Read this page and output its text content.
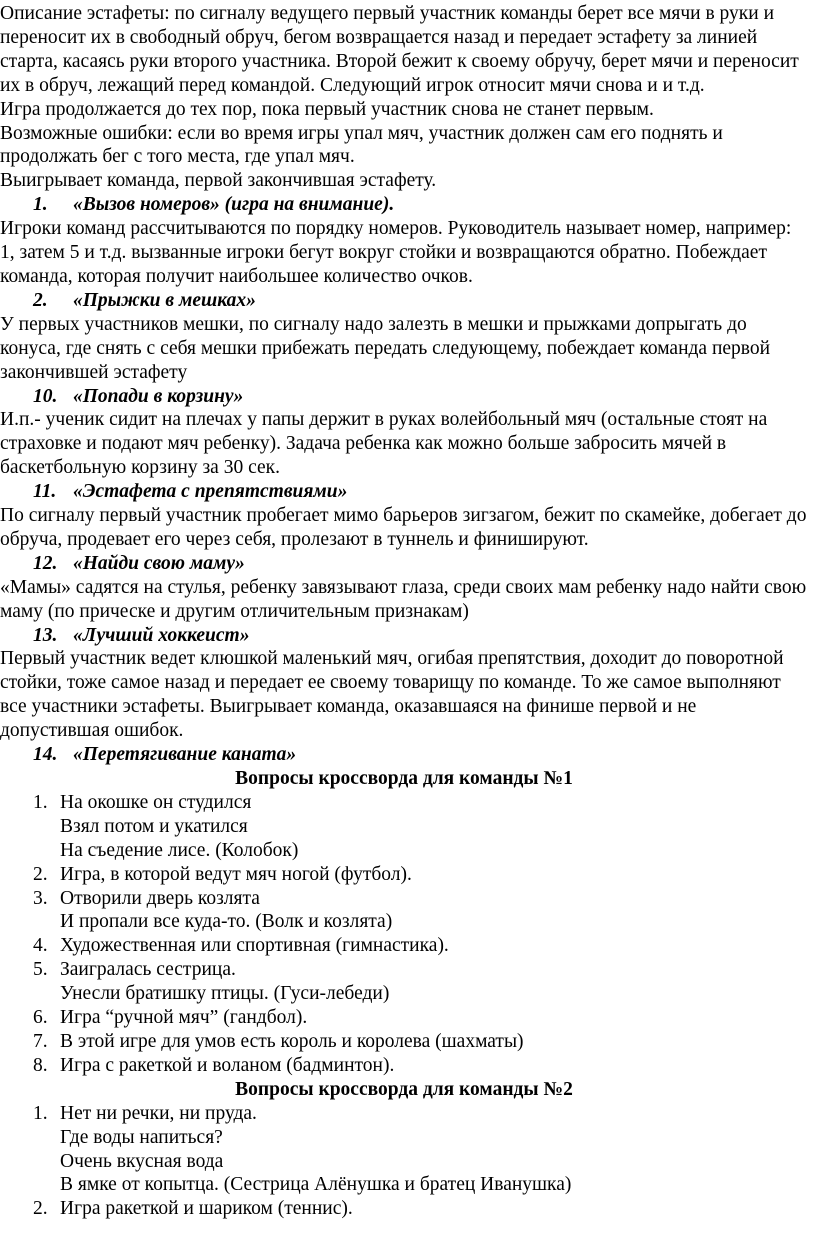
Описание эстафеты: по сигналу ведущего первый участник команды берет все мячи в руки и переносит их в свободный обруч, бегом возвращается назад и передает эстафету за линией старта, касаясь руки второго участника. Второй бежит к своему обручу, берет мячи и переносит их в обруч, лежащий перед командой. Следующий игрок относит мячи снова и и т.д.

Игра продолжается до тех пор, пока первый участник снова не станет первым.

Возможные ошибки: если во время игры упал мяч, участник должен сам его поднять и продолжать бег с того места, где упал мяч.

Выигрывает команда, первой закончившая эстафету.

1. «Вызов номеров» (игра на внимание).

Игроки команд рассчитываются по порядку номеров. Руководитель называет номер, например: 1, затем 5 и т.д. вызванные игроки бегут вокруг стойки и возвращаются обратно. Побеждает команда, которая получит наибольшее количество очков.

2. «Прыжки в мешках»

У первых участников мешки, по сигналу надо залезть в мешки и прыжками допрыгать до конуса, где снять с себя мешки прибежать передать следующему, побеждает команда первой закончившей эстафету

10. «Попади в корзину»

И.п.- ученик сидит на плечах у папы держит в руках волейбольный мяч (остальные стоят на страховке и подают мяч ребенку). Задача ребенка как можно больше забросить мячей в баскетбольную корзину за 30 сек.

11. «Эстафета с препятствиями»

По сигналу первый участник пробегает мимо барьеров зигзагом, бежит по скамейке, добегает до обруча, продевает его через себя, пролезают в туннель и финишируют.

12. «Найди свою маму»

«Мамы» садятся на стулья, ребенку завязывают глаза, среди своих мам ребенку надо найти свою маму (по прическе и другим отличительным признакам)

13. «Лучший хоккеист»

Первый участник ведет клюшкой маленький мяч, огибая препятствия, доходит до поворотной стойки, тоже самое назад и передает ее своему товарищу по команде. То же самое выполняют все участники эстафеты. Выигрывает команда, оказавшаяся на финише первой и не допустившая ошибок.

14. «Перетягивание каната»

Вопросы кроссворда для команды №1

1. На окошке он студился
Взял потом и укатился
На съедение лисе. (Колобок)
2. Игра, в которой ведут мяч ногой (футбол).
3. Отворили дверь козлята
И пропали все куда-то. (Волк и козлята)
4. Художественная или спортивная (гимнастика).
5. Заигралась сестрица.
Унесли братишку птицы. (Гуси-лебеди)
6. Игра “ручной мяч” (гандбол).
7. В этой игре для умов есть король и королева (шахматы)
8. Игра с ракеткой и воланом (бадминтон).

Вопросы кроссворда для команды №2

1. Нет ни речки, ни пруда.
Где воды напиться?
Очень вкусная вода
В ямке от копытца. (Сестрица Алёнушка и братец Иванушка)
2. Игра ракеткой и шариком (теннис).
